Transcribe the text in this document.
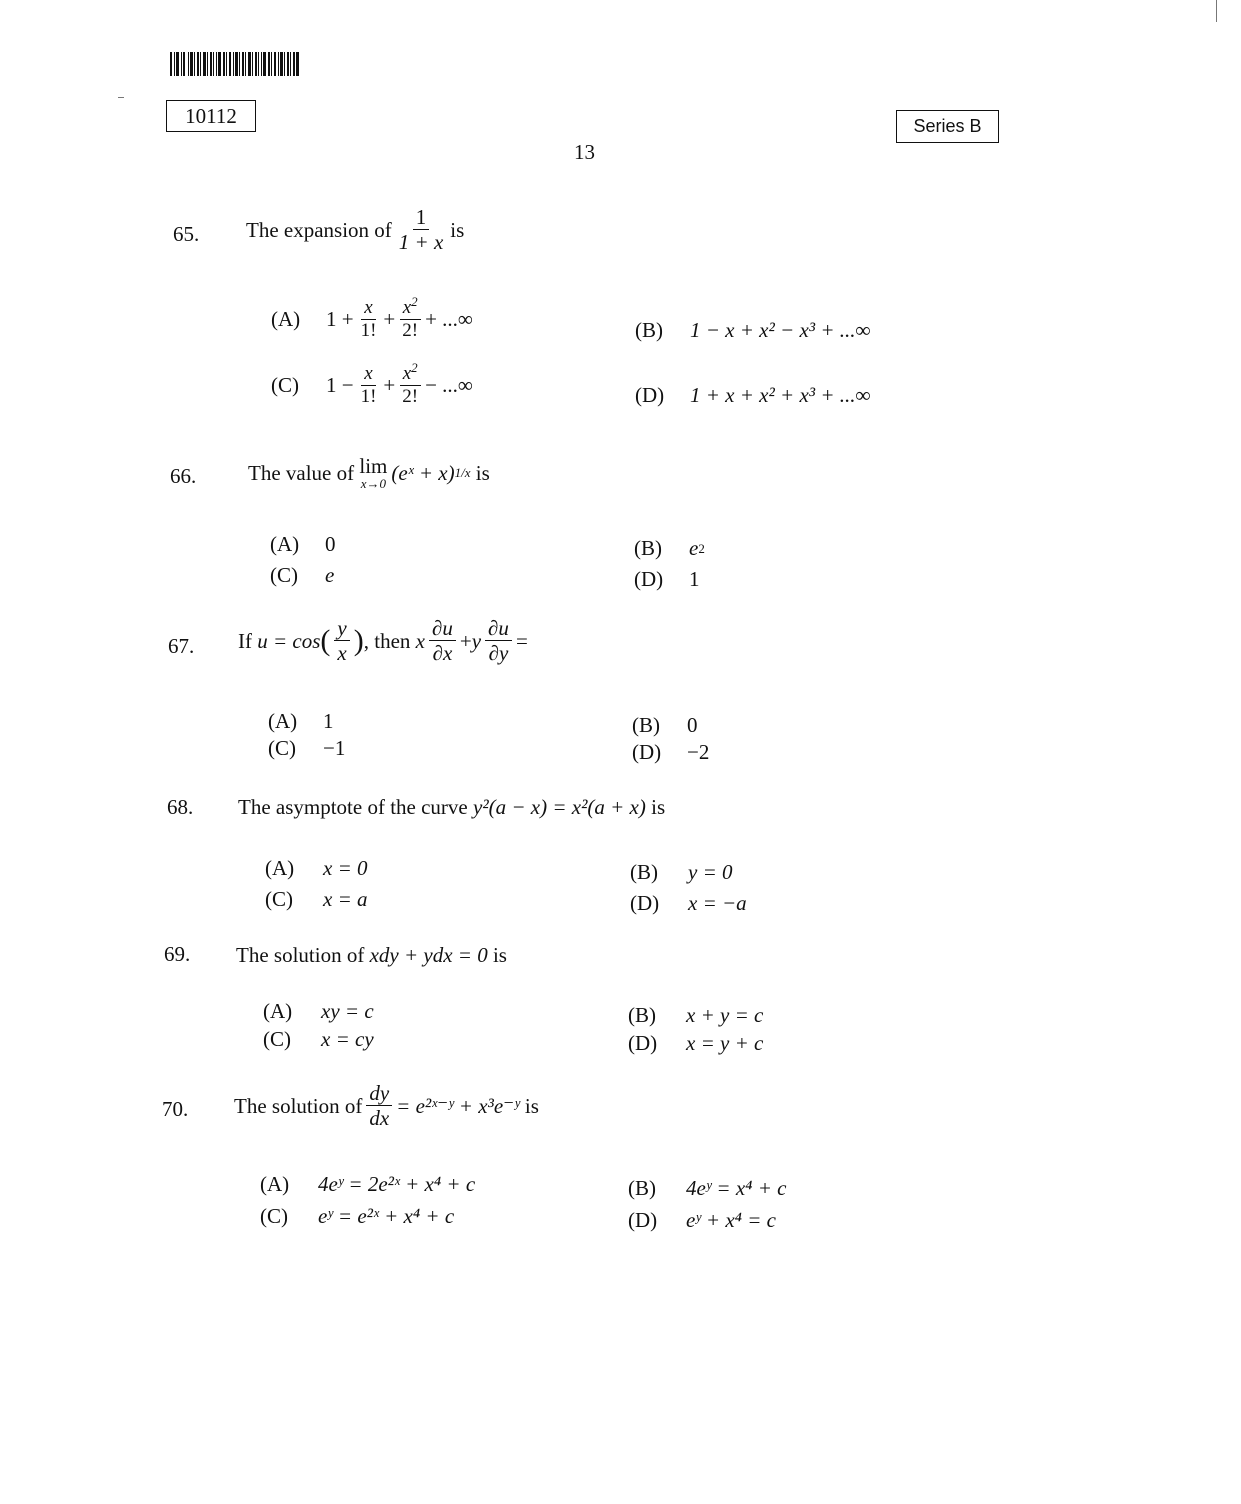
10112	Series B
13
65. The expansion of $\frac{1}{1 + x}$ is
(A)	$1 + \frac{x}{1!} + \frac{x^2}{2!}$ + ...∞	(B)	1 − x + x² − x³ + ...∞
(C)	$1 - \frac{x}{1!} + \frac{x^2}{2!}$ − ...∞	(D)	1 + x + x² + x³ + ...∞
66. The value of
lim
x→0 (eˣ + x) 1/x
is
(A)	0	(B)	e 2
(C)	e	(D)	1
67. If
u = cos ( $\frac{y}{x}$ ) , then
x $\frac{\partial u}{\partial x} + y \frac{\partial u}{\partial y}$ =
(A)	1	(B)	0
(C)	−1	(D)	−2
68. The asymptote of the curve
y²(a − x) = x²(a + x)
is
(A)	x = 0	(B)	y = 0
(C)	x = a	(D)	x = −a
69. The solution of
xdy + ydx = 0
is
(A)	xy = c	(B)	x + y = c
(C)	x = cy	(D)	x = y + c
70. The solution of $\frac{dy}{dx}$ = e²ˣ⁻ʸ + x³e⁻ʸ
is
(A)	4eʸ = 2e²ˣ + x⁴ + c	(B)	4eʸ = x⁴ + c
(C)	eʸ = e²ˣ + x⁴ + c	(D)	eʸ + x⁴ = c
